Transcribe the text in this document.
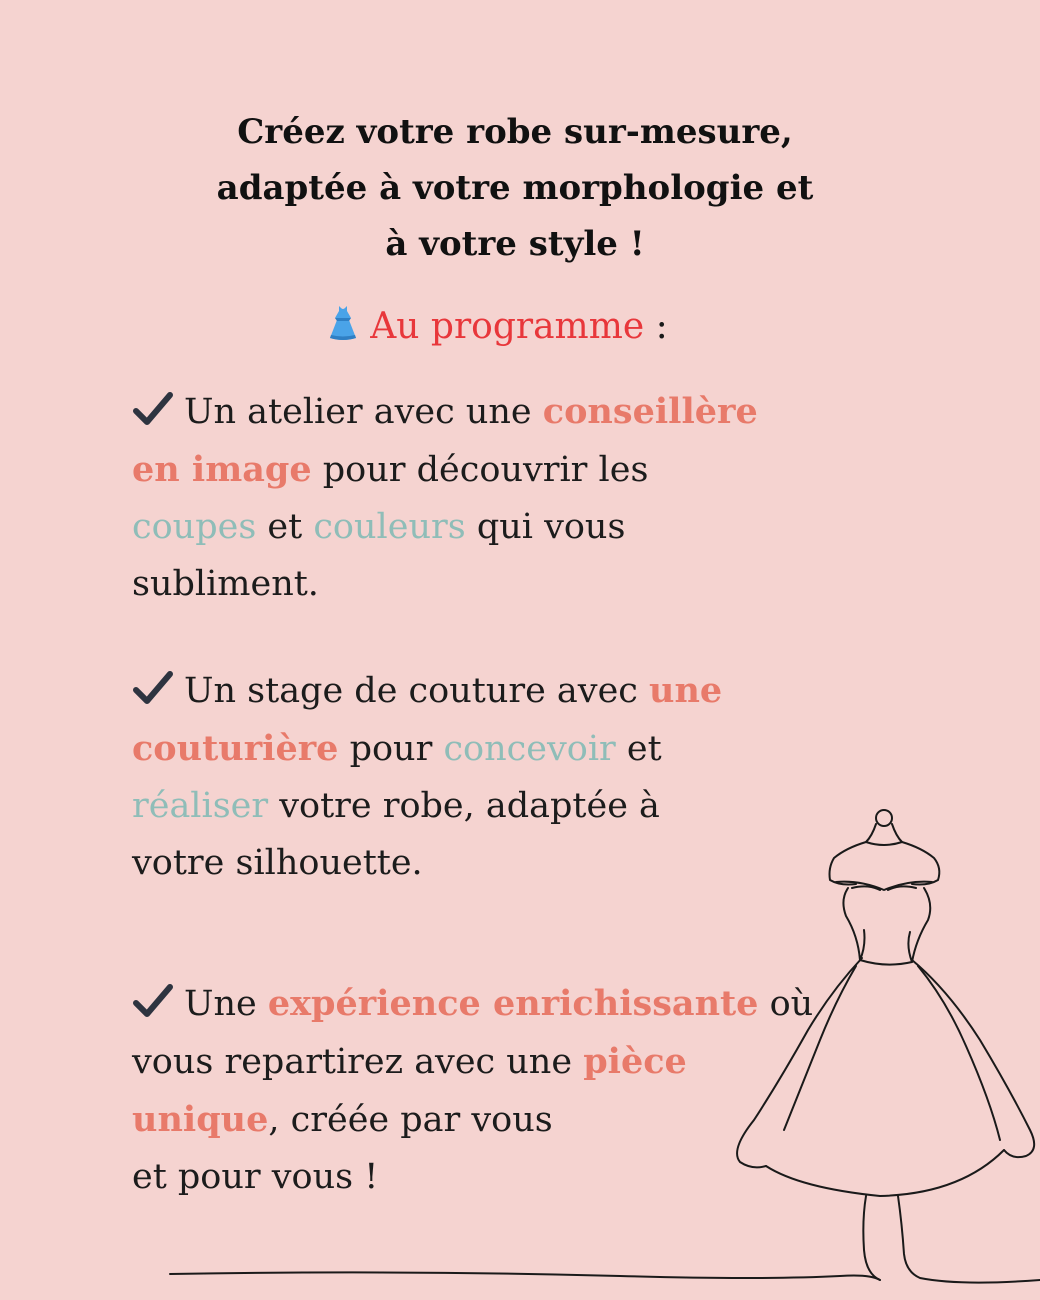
Créez votre robe sur-mesure,
adaptée à votre morphologie et
à votre style !
Au programme :
Un atelier avec une conseillère
en image pour découvrir les
coupes et couleurs qui vous
subliment.
Un stage de couture avec une
couturière pour concevoir et
réaliser votre robe, adaptée à
votre silhouette.
Une expérience enrichissante où
vous repartirez avec une pièce
unique, créée par vous
et pour vous !
